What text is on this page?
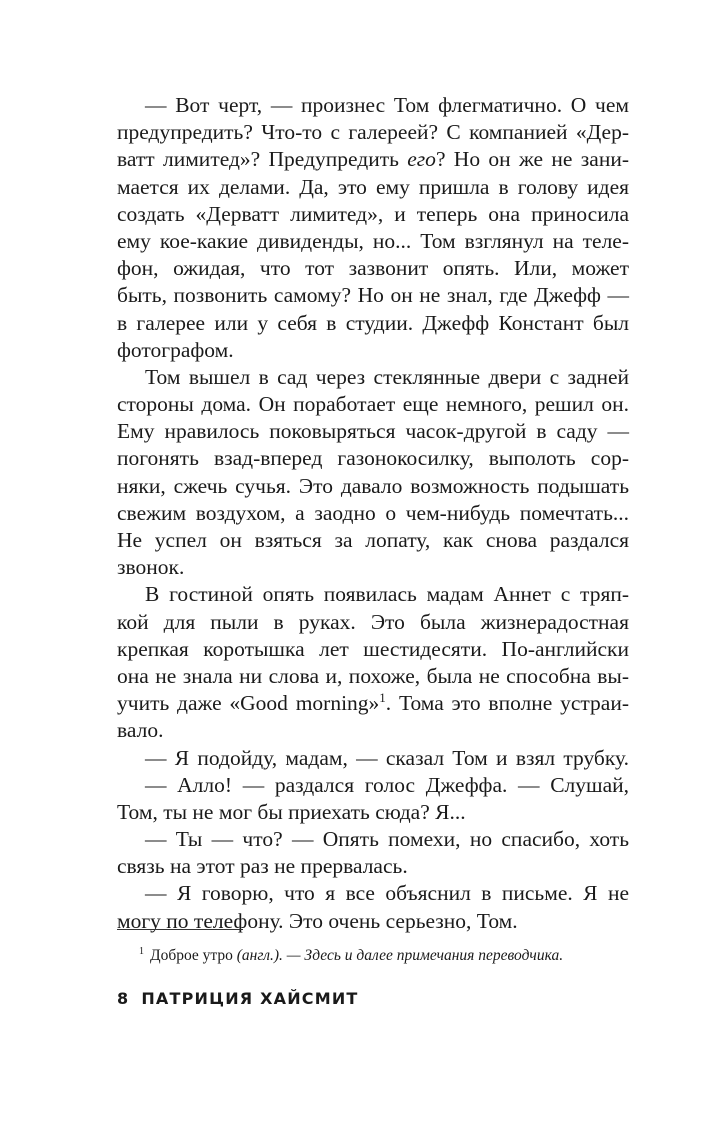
— Вот черт, — произнес Том флегматично. О чем
предупредить? Что-то с галереей? С компанией «Дер-
ватт лимитед»? Предупредить его? Но он же не зани-
мается их делами. Да, это ему пришла в голову идея
создать «Дерватт лимитед», и теперь она приносила
ему кое-какие дивиденды, но... Том взглянул на теле-
фон, ожидая, что тот зазвонит опять. Или, может
быть, позвонить самому? Но он не знал, где Джефф —
в галерее или у себя в студии. Джефф Констант был
фотографом.
Том вышел в сад через стеклянные двери с задней
стороны дома. Он поработает еще немного, решил он.
Ему нравилось поковыряться часок-другой в саду —
погонять взад-вперед газонокосилку, выполоть сор-
няки, сжечь сучья. Это давало возможность подышать
свежим воздухом, а заодно о чем-нибудь помечтать...
Не успел он взяться за лопату, как снова раздался
звонок.
В гостиной опять появилась мадам Аннет с тряп-
кой для пыли в руках. Это была жизнерадостная
крепкая коротышка лет шестидесяти. По-английски
она не знала ни слова и, похоже, была не способна вы-
учить даже «Good morning»$^1$. Тома это вполне устраи-
вало.
— Я подойду, мадам, — сказал Том и взял трубку.
— Алло! — раздался голос Джеффа. — Слушай,
Том, ты не мог бы приехать сюда? Я...
— Ты — что? — Опять помехи, но спасибо, хоть
связь на этот раз не прервалась.
— Я говорю, что я все объяснил в письме. Я не
могу по телефону. Это очень серьезно, Том.
$^1$ Доброе утро (англ.). — Здесь и далее примечания переводчика.
8 ПАТРИЦИЯ ХАЙСМИТ
